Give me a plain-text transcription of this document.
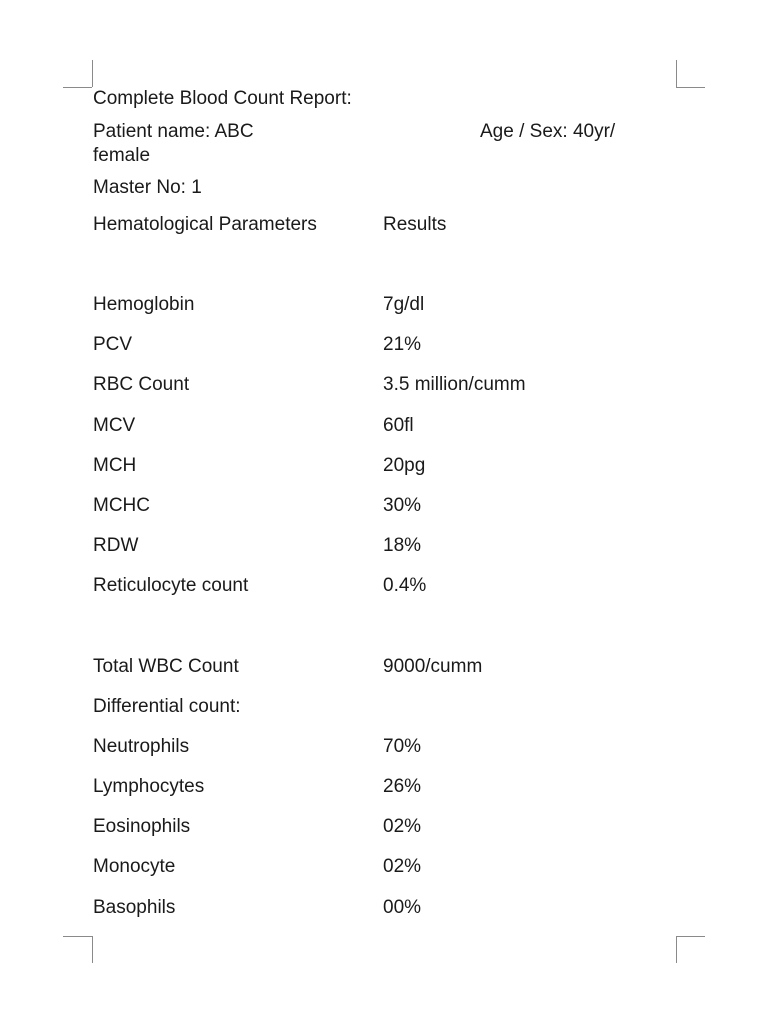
Complete Blood Count Report:
Patient name: ABC	Age / Sex: 40yr/
female
Master No: 1
Hematological Parameters	Results
Hemoglobin	7g/dl
PCV	21%
RBC Count	3.5 million/cumm
MCV	60fl
MCH	20pg
MCHC	30%
RDW	18%
Reticulocyte count	0.4%
Total WBC Count	9000/cumm
Differential count:
Neutrophils	70%
Lymphocytes	26%
Eosinophils	02%
Monocyte	02%
Basophils	00%
